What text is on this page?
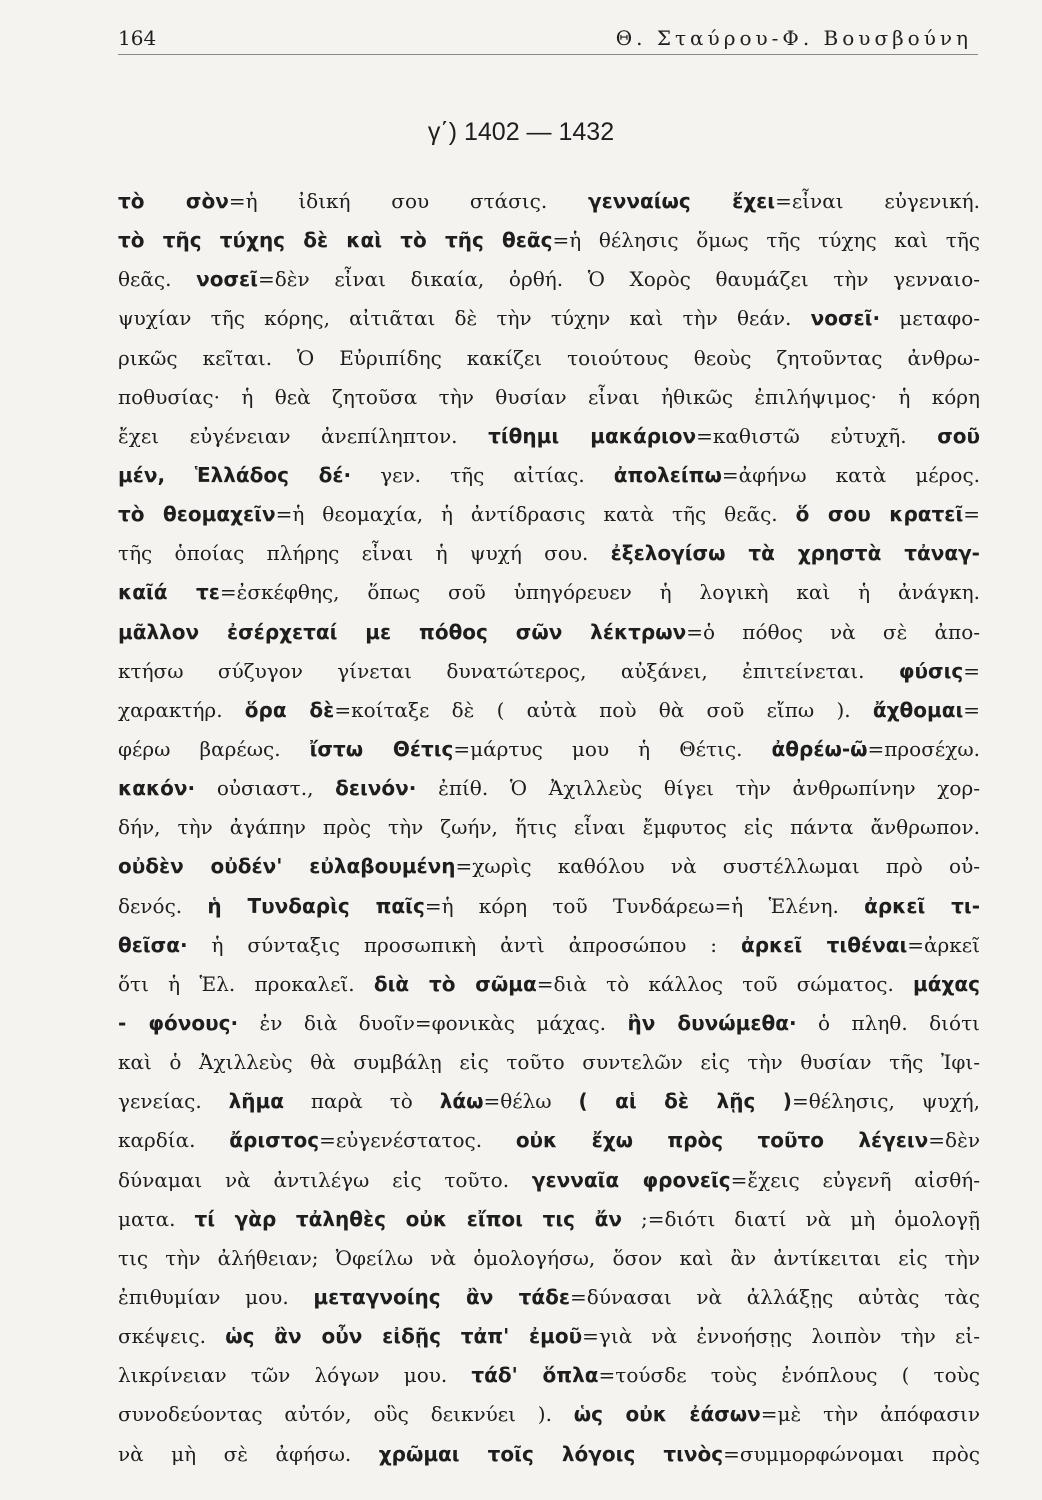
164	Θ. Σταύρου-Φ. Βουσβούνη
γ΄) 1402 — 1432
τὸ σὸν=ἡ ἰδική σου στάσις. γενναίως ἔχει=εἶναι εὐγενική.
τὸ τῆς τύχης δὲ καὶ τὸ τῆς θεᾶς=ἡ θέλησις ὅμως τῆς τύχης καὶ τῆς
θεᾶς. νοσεῖ=δὲν εἶναι δικαία, ὀρθή. Ὁ Χορὸς θαυμάζει τὴν γενναιο-
ψυχίαν τῆς κόρης, αἰτιᾶται δὲ τὴν τύχην καὶ τὴν θεάν. νοσεῖ· μεταφο-
ρικῶς κεῖται. Ὁ Εὐριπίδης κακίζει τοιούτους θεοὺς ζητοῦντας ἀνθρω-
ποθυσίας· ἡ θεὰ ζητοῦσα τὴν θυσίαν εἶναι ἠθικῶς ἐπιλήψιμος· ἡ κόρη
ἔχει εὐγένειαν ἀνεπίληπτον. τίθημι μακάριον=καθιστῶ εὐτυχῆ. σοῦ
μέν, Ἑλλάδος δέ· γεν. τῆς αἰτίας. ἀπολείπω=ἀφήνω κατὰ μέρος.
τὸ θεομαχεῖν=ἡ θεομαχία, ἡ ἀντίδρασις κατὰ τῆς θεᾶς. ὅ σου κρατεῖ=
τῆς ὁποίας πλήρης εἶναι ἡ ψυχή σου. ἐξελογίσω τὰ χρηστὰ τἀναγ-
καῖά τε=ἐσκέφθης, ὅπως σοῦ ὑπηγόρευεν ἡ λογικὴ καὶ ἡ ἀνάγκη.
μᾶλλον ἐσέρχεταί με πόθος σῶν λέκτρων=ὁ πόθος νὰ σὲ ἀπο-
κτήσω σύζυγον γίνεται δυνατώτερος, αὐξάνει, ἐπιτείνεται. φύσις=
χαρακτήρ. ὅρα δὲ=κοίταξε δὲ ( αὐτὰ ποὺ θὰ σοῦ εἴπω ). ἄχθομαι=
φέρω βαρέως. ἴστω Θέτις=μάρτυς μου ἡ Θέτις. ἀθρέω-ῶ=προσέχω.
κακόν· οὐσιαστ., δεινόν· ἐπίθ. Ὁ Ἀχιλλεὺς θίγει τὴν ἀνθρωπίνην χορ-
δήν, τὴν ἀγάπην πρὸς τὴν ζωήν, ἥτις εἶναι ἔμφυτος εἰς πάντα ἄνθρωπον.
οὐδὲν οὐδέν' εὐλαβουμένη=χωρὶς καθόλου νὰ συστέλλωμαι πρὸ οὐ-
δενός. ἡ Τυνδαρὶς παῖς=ἡ κόρη τοῦ Τυνδάρεω=ἡ Ἑλένη. ἀρκεῖ τι-
θεῖσα· ἡ σύνταξις προσωπικὴ ἀντὶ ἀπροσώπου : ἀρκεῖ τιθέναι=ἀρκεῖ
ὅτι ἡ Ἑλ. προκαλεῖ. διὰ τὸ σῶμα=διὰ τὸ κάλλος τοῦ σώματος. μάχας
- φόνους· ἐν διὰ δυοῖν=φονικὰς μάχας. ἢν δυνώμεθα· ὁ πληθ. διότι
καὶ ὁ Ἀχιλλεὺς θὰ συμβάλῃ εἰς τοῦτο συντελῶν εἰς τὴν θυσίαν τῆς Ἰφι-
γενείας. λῆμα παρὰ τὸ λάω=θέλω ( αἱ δὲ λῇς )=θέλησις, ψυχή,
καρδία. ἄριστος=εὐγενέστατος. οὐκ ἔχω πρὸς τοῦτο λέγειν=δὲν
δύναμαι νὰ ἀντιλέγω εἰς τοῦτο. γενναῖα φρονεῖς=ἔχεις εὐγενῆ αἰσθή-
ματα. τί γὰρ τἀληθὲς οὐκ εἴποι τις ἄν ;=διότι διατί νὰ μὴ ὁμολογῇ
τις τὴν ἀλήθειαν; Ὀφείλω νὰ ὁμολογήσω, ὅσον καὶ ἂν ἀντίκειται εἰς τὴν
ἐπιθυμίαν μου. μεταγνοίης ἂν τάδε=δύνασαι νὰ ἀλλάξῃς αὐτὰς τὰς
σκέψεις. ὡς ἂν οὖν εἰδῇς τἀπ' ἐμοῦ=γιὰ νὰ ἐννοήσῃς λοιπὸν τὴν εἰ-
λικρίνειαν τῶν λόγων μου. τάδ' ὅπλα=τούσδε τοὺς ἐνόπλους ( τοὺς
συνοδεύοντας αὐτόν, οὓς δεικνύει ). ὡς οὐκ ἐάσων=μὲ τὴν ἀπόφασιν
νὰ μὴ σὲ ἀφήσω. χρῶμαι τοῖς λόγοις τινὸς=συμμορφώνομαι πρὸς
